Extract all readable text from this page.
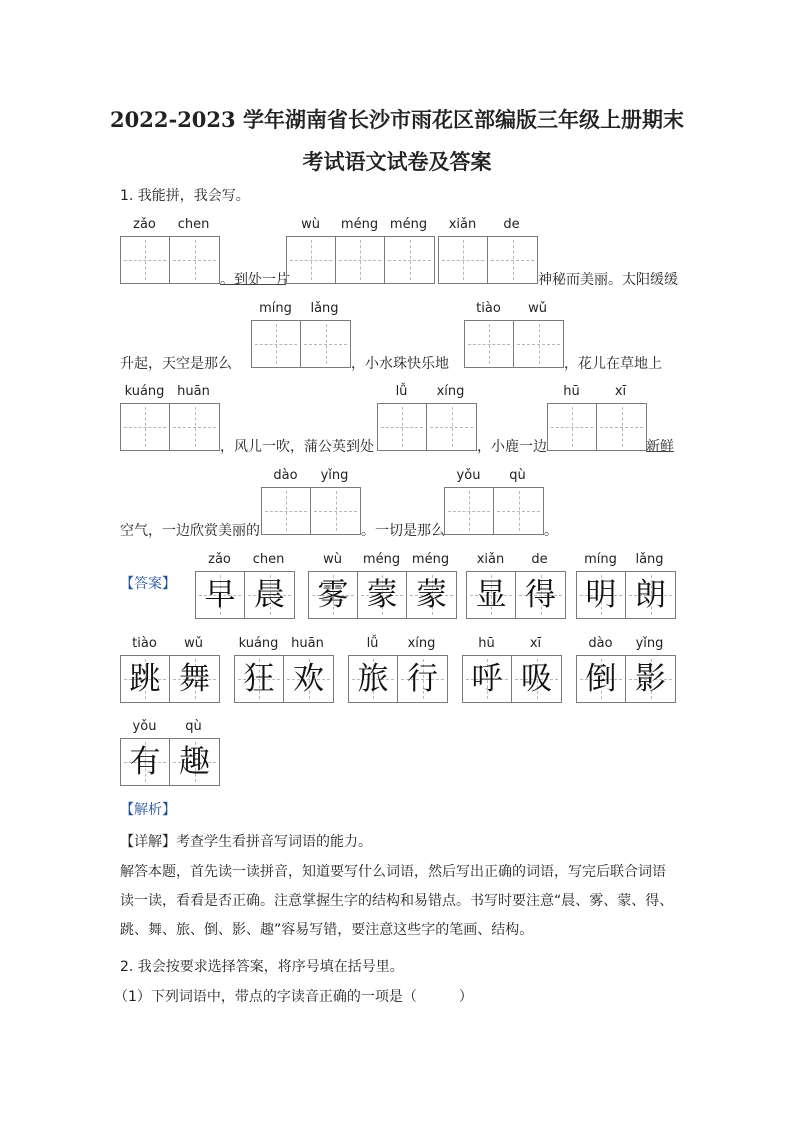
2022-2023 学年湖南省长沙市雨花区部编版三年级上册期末
考试语文试卷及答案
1. 我能拼，我会写。
zǎo	chen
。到处一片
wù	méng méng	xiǎn	de
神秘而美丽。太阳缓缓
升起，天空是那么
míng	lǎng
，小水珠快乐地
tiào	wǔ
，花儿在草地上
kuáng huān
，风儿一吹，蒲公英到处
lǚ	xíng
，小鹿一边
hū	xī
新鲜
空气，一边欣赏美丽的
dào	yǐng
。一切是那么
yǒu	qù
。
【答案】
zǎo	chen
早 晨
wù	méng méng
雾 蒙 蒙
xiǎn	de
显 得
míng	lǎng
明 朗
tiào	wǔ
跳 舞
kuáng huān
狂 欢
lǚ	xíng
旅 行
hū	xī
呼 吸
dào	yǐng
倒 影
yǒu	qù
有 趣
【解析】
【详解】考查学生看拼音写词语的能力。
解答本题，首先读一读拼音，知道要写什么词语，然后写出正确的词语，写完后联合词语读一读，看看是否正确。注意掌握生字的结构和易错点。书写时要注意“晨、雾、蒙、得、跳、舞、旅、倒、影、趣”容易写错，要注意这些字的笔画、结构。
2. 我会按要求选择答案，将序号填在括号里。
（1）下列词语中，带点的字读音正确的一项是（　　　）
